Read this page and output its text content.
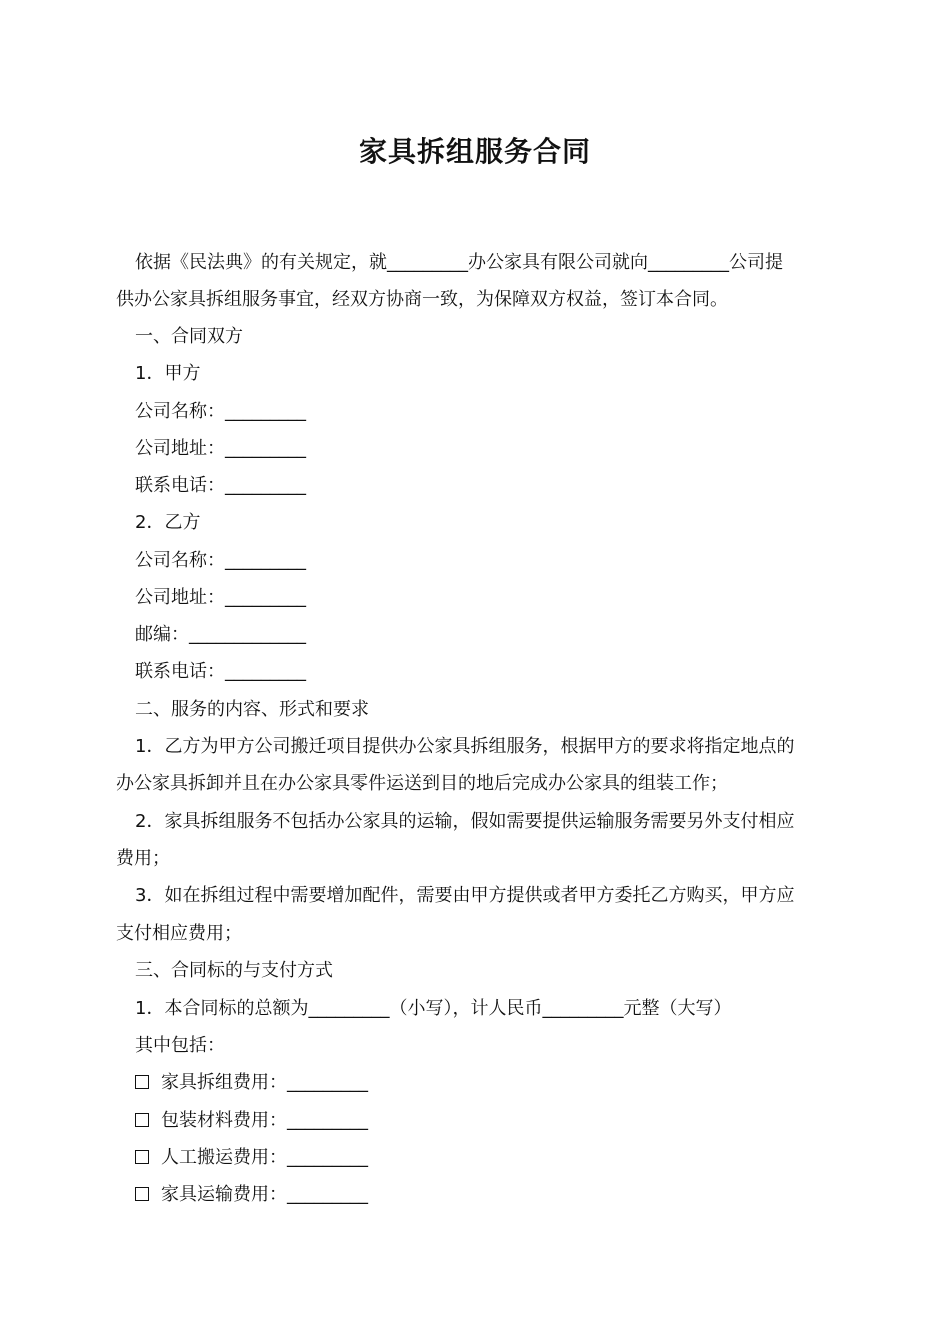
家具拆组服务合同
依据《民法典》的有关规定，就_________办公家具有限公司就向_________公司提
供办公家具拆组服务事宜，经双方协商一致，为保障双方权益，签订本合同。
一、合同双方
1．甲方
公司名称：_________
公司地址：_________
联系电话：_________
2．乙方
公司名称：_________
公司地址：_________
邮编：_____________
联系电话：_________
二、服务的内容、形式和要求
1．乙方为甲方公司搬迁项目提供办公家具拆组服务，根据甲方的要求将指定地点的
办公家具拆卸并且在办公家具零件运送到目的地后完成办公家具的组装工作；
2．家具拆组服务不包括办公家具的运输，假如需要提供运输服务需要另外支付相应
费用；
3．如在拆组过程中需要增加配件，需要由甲方提供或者甲方委托乙方购买，甲方应
支付相应费用；
三、合同标的与支付方式
1．本合同标的总额为_________（小写），计人民币_________元整（大写）
其中包括：
家具拆组费用：_________
包装材料费用：_________
人工搬运费用：_________
家具运输费用：_________
